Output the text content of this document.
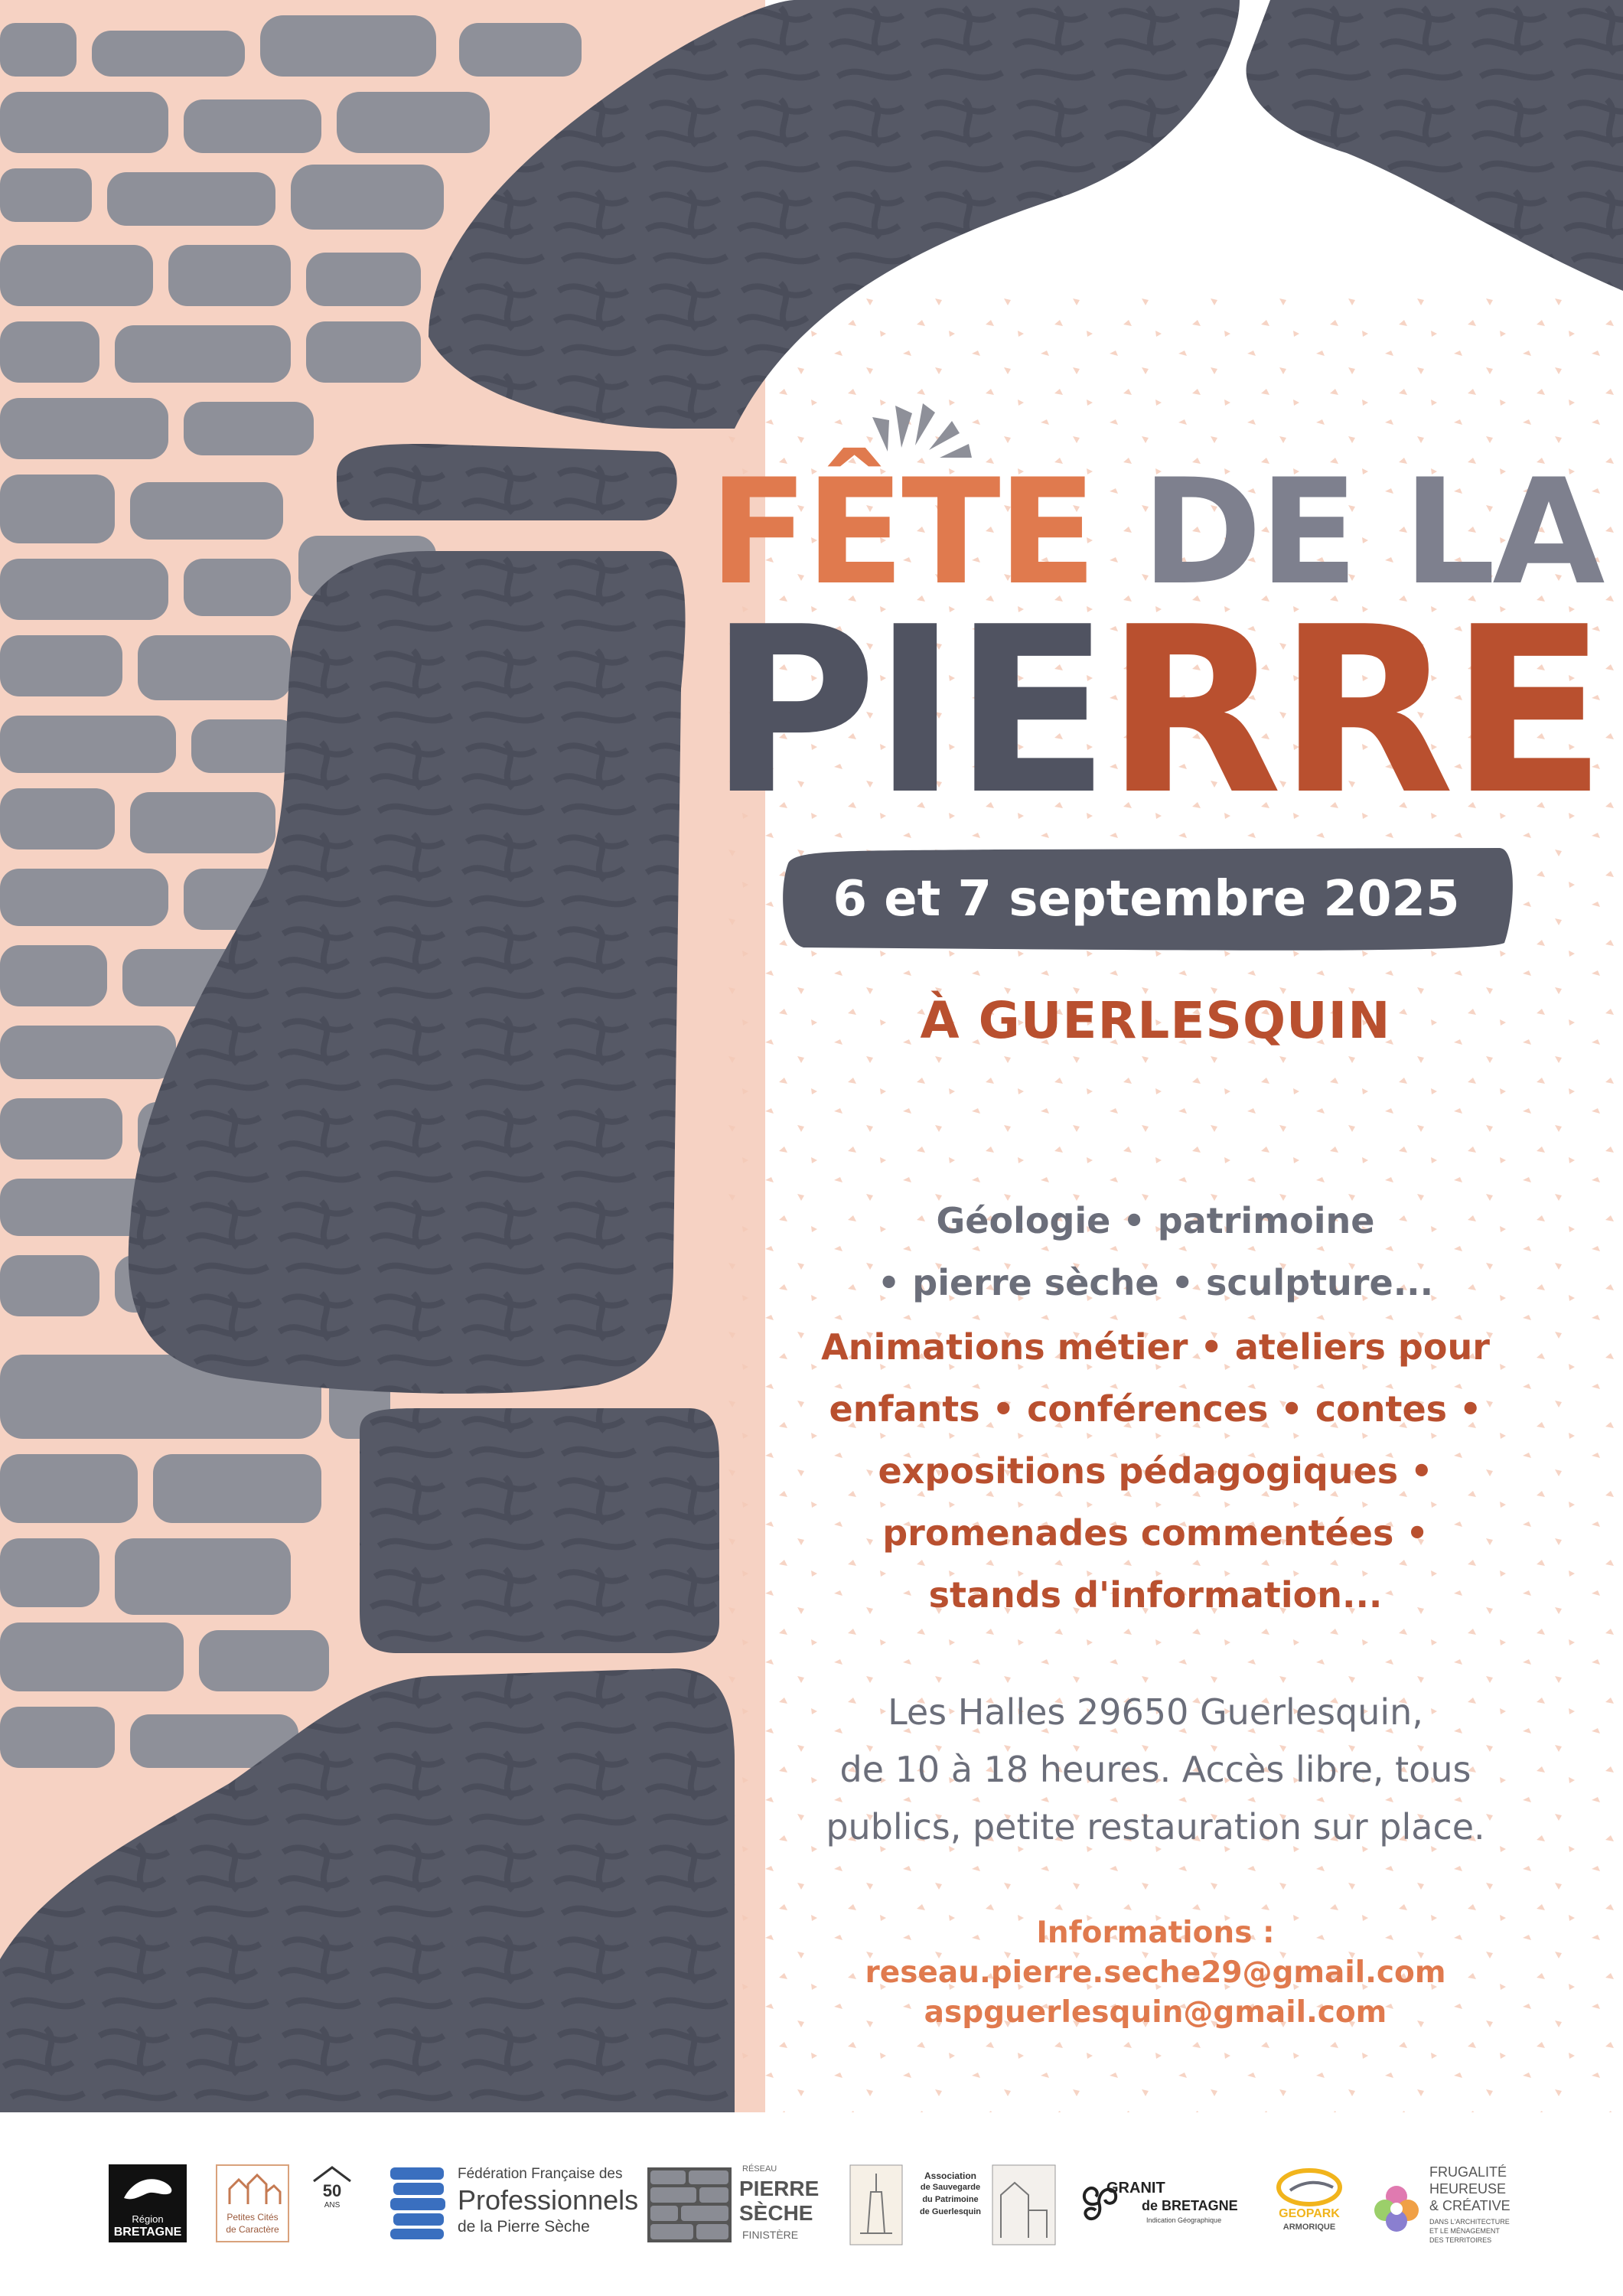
FÊTE DE LA
PIERRE
6 et 7 septembre 2025
À GUERLESQUIN
Géologie • patrimoine
• pierre sèche • sculpture...
Animations métier • ateliers pour
enfants • conférences • contes •
expositions pédagogiques •
promenades commentées •
stands d'information...
Les Halles 29650 Guerlesquin,
de 10 à 18 heures. Accès libre, tous
publics, petite restauration sur place.
Informations :
reseau.pierre.seche29@gmail.com
aspguerlesquin@gmail.com
Région
BRETAGNE
Petites Cités
de Caractère
50
ANS
Fédération Française des
Professionnels
de la Pierre Sèche
RÉSEAU
PIERRE
SÈCHE
FINISTÈRE
Association
de Sauvegarde
du Patrimoine
de Guerlesquin
GRANIT
de BRETAGNE
Indication Géographique	GEOPARK
ARMORIQUE
FRUGALITÉ
HEUREUSE
& CRÉATIVE
DANS L'ARCHITECTURE
ET LE MÉNAGEMENT
DES TERRITOIRES
